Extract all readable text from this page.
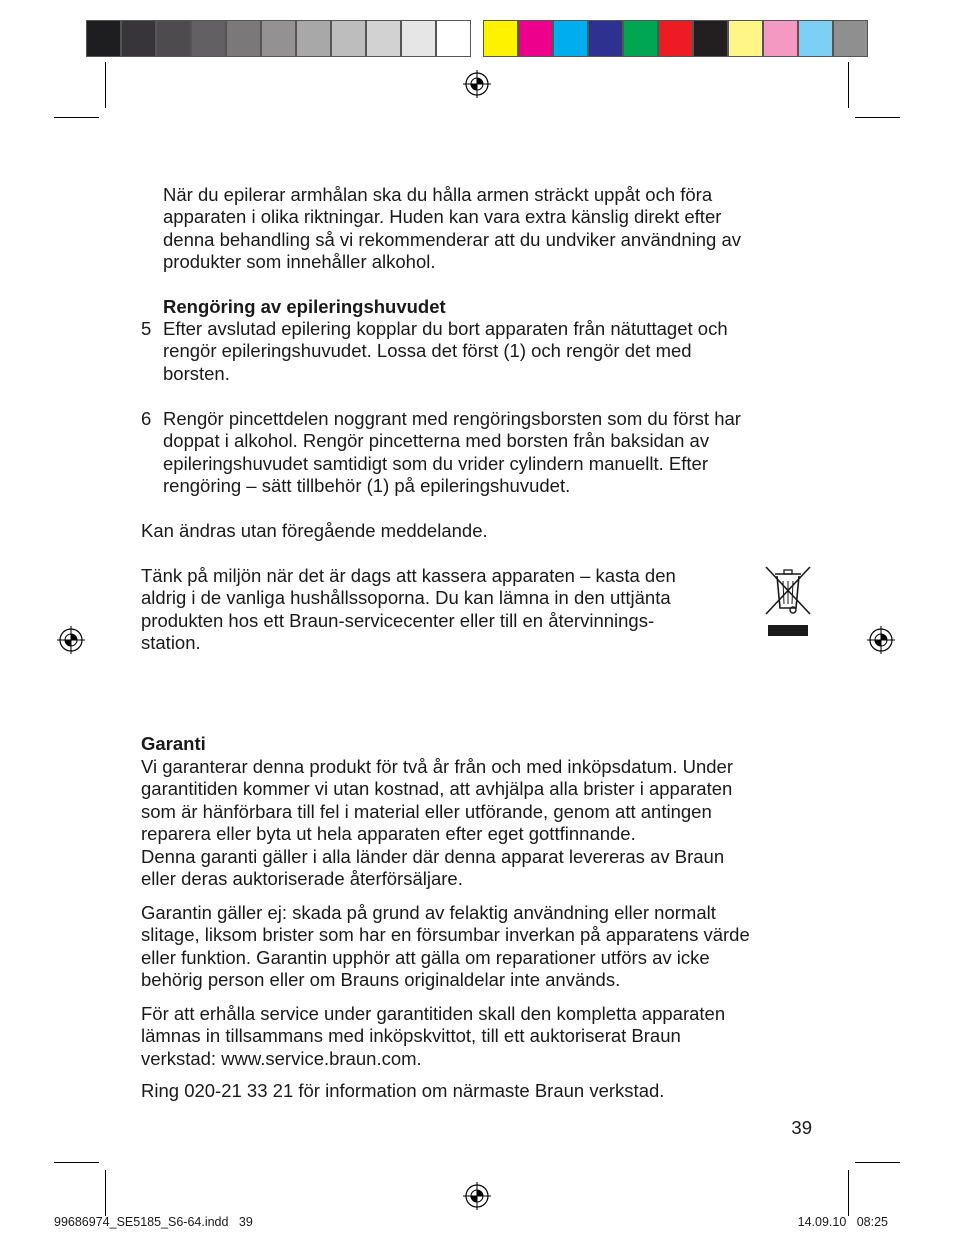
När du epilerar armhålan ska du hålla armen sträckt uppåt och föra
apparaten i olika riktningar. Huden kan vara extra känslig direkt efter
denna behandling så vi rekommenderar att du undviker användning av
produkter som innehåller alkohol.
Rengöring av epileringshuvudet
5 Efter avslutad epilering kopplar du bort apparaten från nätuttaget och
rengör epileringshuvudet. Lossa det först (1) och rengör det med
borsten.
6 Rengör pincettdelen noggrant med rengöringsborsten som du först har
doppat i alkohol. Rengör pincetterna med borsten från baksidan av
epileringshuvudet samtidigt som du vrider cylindern manuellt. Efter
rengöring – sätt tillbehör (1) på epileringshuvudet.
Kan ändras utan föregående meddelande.
Tänk på miljön när det är dags att kassera apparaten – kasta den
aldrig i de vanliga hushållssoporna. Du kan lämna in den uttjänta
produkten hos ett Braun-servicecenter eller till en återvinnings-
station.
Garanti
Vi garanterar denna produkt för två år från och med inköpsdatum. Under
garantitiden kommer vi utan kostnad, att avhjälpa alla brister i apparaten
som är hänförbara till fel i material eller utförande, genom att antingen
reparera eller byta ut hela apparaten efter eget gottfinnande.
Denna garanti gäller i alla länder där denna apparat levereras av Braun
eller deras auktoriserade återförsäljare.
Garantin gäller ej: skada på grund av felaktig användning eller normalt
slitage, liksom brister som har en försumbar inverkan på apparatens värde
eller funktion. Garantin upphör att gälla om reparationer utförs av icke
behörig person eller om Brauns originaldelar inte används.
För att erhålla service under garantitiden skall den kompletta apparaten
lämnas in tillsammans med inköpskvittot, till ett auktoriserat Braun
verkstad: www.service.braun.com.
Ring 020-21 33 21 för information om närmaste Braun verkstad.
39
99686974_SE5185_S6-64.indd   39	14.09.10   08:25
